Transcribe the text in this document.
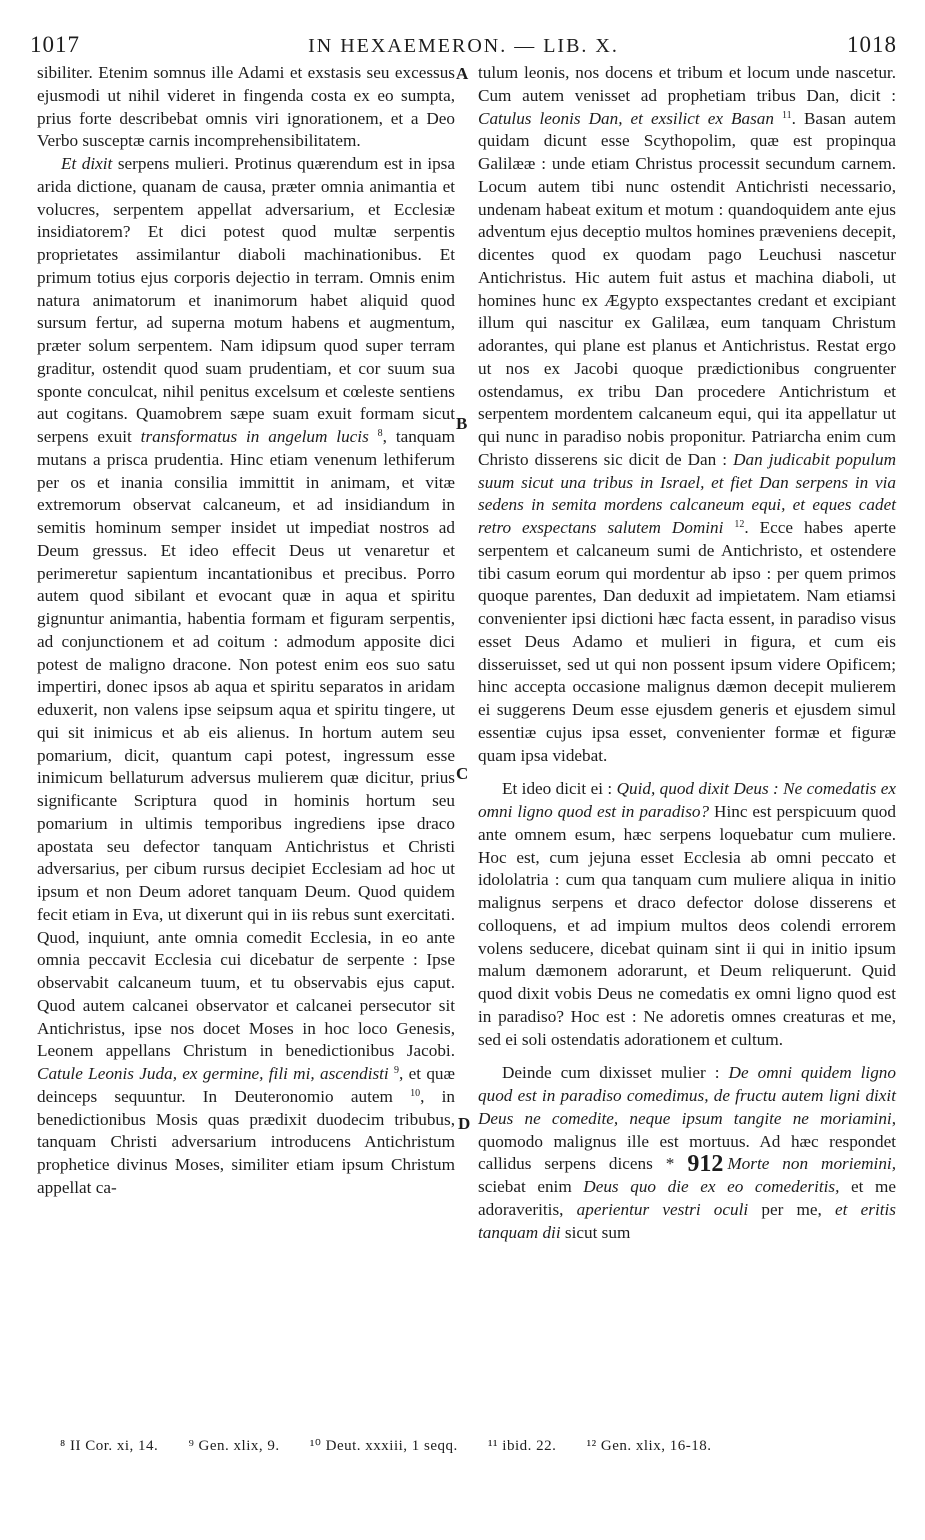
1017	IN HEXAEMERON. — LIB. X.	1018

sibiliter. Etenim somnus ille Adami et exstasis seu excessus ejusmodi ut nihil videret in fingenda costa ex eo sumpta, prius forte describebat omnis viri ignorationem, et a Deo Verbo susceptæ carnis incomprehensibilitatem.

Et dixit serpens mulieri. Protinus quærendum est in ipsa arida dictione, quanam de causa, præter omnia animantia et volucres, serpentem appellat adversarium, et Ecclesiæ insidiatorem? Et dici potest quod multæ serpentis proprietates assimilantur diaboli machinationibus. Et primum totius ejus corporis dejectio in terram. Omnis enim natura animatorum et inanimorum habet aliquid quod sursum fertur, ad superna motum habens et augmentum, præter solum serpentem. Nam idipsum quod super terram graditur, ostendit quod suam prudentiam, et cor suum sua sponte conculcat, nihil penitus excelsum et cœleste sentiens aut cogitans. Quamobrem sæpe suam exuit formam sicut serpens exuit transformatus in angelum lucis $^8$, tanquam mutans a prisca prudentia. Hinc etiam venenum lethiferum per os et inania consilia immittit in animam, et vitæ extremorum observat calcaneum, et ad insidiandum in semitis hominum semper insidet ut impediat nostros ad Deum gressus. Et ideo effecit Deus ut venaretur et perimeretur sapientum incantationibus et precibus. Porro autem quod sibilant et evocant quæ in aqua et spiritu gignuntur animantia, habentia formam et figuram serpentis, ad conjunctionem et ad coitum : admodum apposite dici potest de maligno dracone. Non potest enim eos suo satu impertiri, donec ipsos ab aqua et spiritu separatos in aridam eduxerit, non valens ipse seipsum aqua et spiritu tingere, ut qui sit inimicus et ab eis alienus. In hortum autem seu pomarium, dicit, quantum capi potest, ingressum esse inimicum bellaturum adversus mulierem quæ dicitur, prius significante Scriptura quod in hominis hortum seu pomarium in ultimis temporibus ingrediens ipse draco apostata seu defector tanquam Antichristus et Christi adversarius, per cibum rursus decipiet Ecclesiam ad hoc ut ipsum et non Deum adoret tanquam Deum. Quod quidem fecit etiam in Eva, ut dixerunt qui in iis rebus sunt exercitati. Quod, inquiunt, ante omnia comedit Ecclesia, in eo ante omnia peccavit Ecclesia cui dicebatur de serpente : Ipse observabit calcaneum tuum, et tu observabis ejus caput. Quod autem calcanei observator et calcanei persecutor sit Antichristus, ipse nos docet Moses in hoc loco Genesis, Leonem appellans Christum in benedictionibus Jacobi. Catule Leonis Juda, ex germine, fili mi, ascendisti $^9$, et quæ deinceps sequuntur. In Deuteronomio autem $^{10}$, in benedictionibus Mosis quas prædixit duodecim tribubus, tanquam Christi adversarium introducens Antichristum prophetice divinus Moses, similiter etiam ipsum Christum appellat ca-

A
B
C
D

tulum leonis, nos docens et tribum et locum unde nascetur. Cum autem venisset ad prophetiam tribus Dan, dicit : Catulus leonis Dan, et exsilict ex Basan $^{11}$. Basan autem quidam dicunt esse Scythopolim, quæ est propinqua Galilææ : unde etiam Christus processit secundum carnem. Locum autem tibi nunc ostendit Antichristi necessario, undenam habeat exitum et motum : quandoquidem ante ejus adventum ejus deceptio multos homines præveniens decepit, dicentes quod ex quodam pago Leuchusi nascetur Antichristus. Hic autem fuit astus et machina diaboli, ut homines hunc ex Ægypto exspectantes credant et excipiant illum qui nascitur ex Galilæa, eum tanquam Christum adorantes, qui plane est planus et Antichristus. Restat ergo ut nos ex Jacobi quoque prædictionibus congruenter ostendamus, ex tribu Dan procedere Antichristum et serpentem mordentem calcaneum equi, qui ita appellatur ut qui nunc in paradiso nobis proponitur. Patriarcha enim cum Christo disserens sic dicit de Dan : Dan judicabit populum suum sicut una tribus in Israel, et fiet Dan serpens in via sedens in semita mordens calcaneum equi, et eques cadet retro exspectans salutem Domini $^{12}$. Ecce habes aperte serpentem et calcaneum sumi de Antichristo, et ostendere tibi casum eorum qui mordentur ab ipso : per quem primos quoque parentes, Dan deduxit ad impietatem. Nam etiamsi convenienter ipsi dictioni hæc facta essent, in paradiso visus esset Deus Adamo et mulieri in figura, et cum eis disseruisset, sed ut qui non possent ipsum videre Opificem; hinc accepta occasione malignus dæmon decepit mulierem ei suggerens Deum esse ejusdem generis et ejusdem simul essentiæ cujus ipsa esset, convenienter formæ et figuræ quam ipsa videbat.

Et ideo dicit ei : Quid, quod dixit Deus : Ne comedatis ex omni ligno quod est in paradiso? Hinc est perspicuum quod ante omnem esum, hæc serpens loquebatur cum muliere. Hoc est, cum jejuna esset Ecclesia ab omni peccato et idololatria : cum qua tanquam cum muliere aliqua in initio malignus serpens et draco defector dolose disserens et colloquens, et ad impium multos deos colendi errorem volens seducere, dicebat quinam sint ii qui in initio ipsum malum dæmonem adorarunt, et Deum reliquerunt. Quid quod dixit vobis Deus ne comedatis ex omni ligno quod est in paradiso? Hoc est : Ne adoretis omnes creaturas et me, sed ei soli ostendatis adorationem et cultum.

Deinde cum dixisset mulier : De omni quidem ligno quod est in paradiso comedimus, de fructu autem ligni dixit Deus ne comedite, neque ipsum tangite ne moriamini, quomodo malignus ille est mortuus. Ad hæc respondet callidus serpens dicens * 912 Morte non moriemini, sciebat enim Deus quo die ex eo comederitis, et me adoraveritis, aperientur vestri oculi per me, et eritis tanquam dii sicut sum

⁸ II Cor. xi, 14. ⁹ Gen. xlix, 9. ¹⁰ Deut. xxxiii, 1 seqq. ¹¹ ibid. 22. ¹² Gen. xlix, 16-18.
